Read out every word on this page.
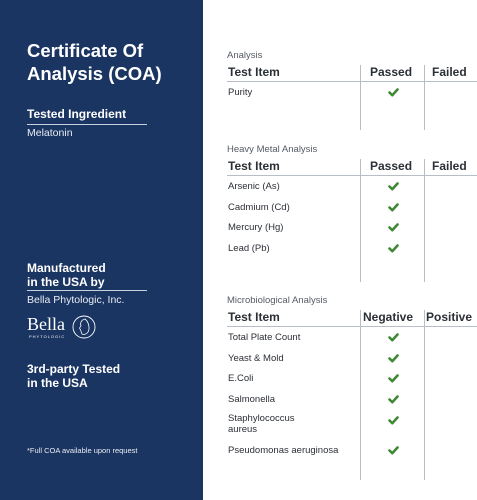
Certificate Of
Analysis (COA)
Tested Ingredient
Melatonin
Manufactured
in the USA by
Bella Phytologic, Inc.
Bella
PHYTOLOGIC
3rd-party Tested
in the USA
*Full COA available upon request
Analysis
Test Item	Passed Failed
Purity
Heavy Metal Analysis
Test Item	Passed Failed
Arsenic (As)
Cadmium (Cd)
Mercury (Hg)
Lead (Pb)
Microbiological Analysis
Test Item	Negative Positive
Total Plate Count
Yeast & Mold
E.Coli
Salmonella
Staphylococcus
aureus
Pseudomonas aeruginosa
